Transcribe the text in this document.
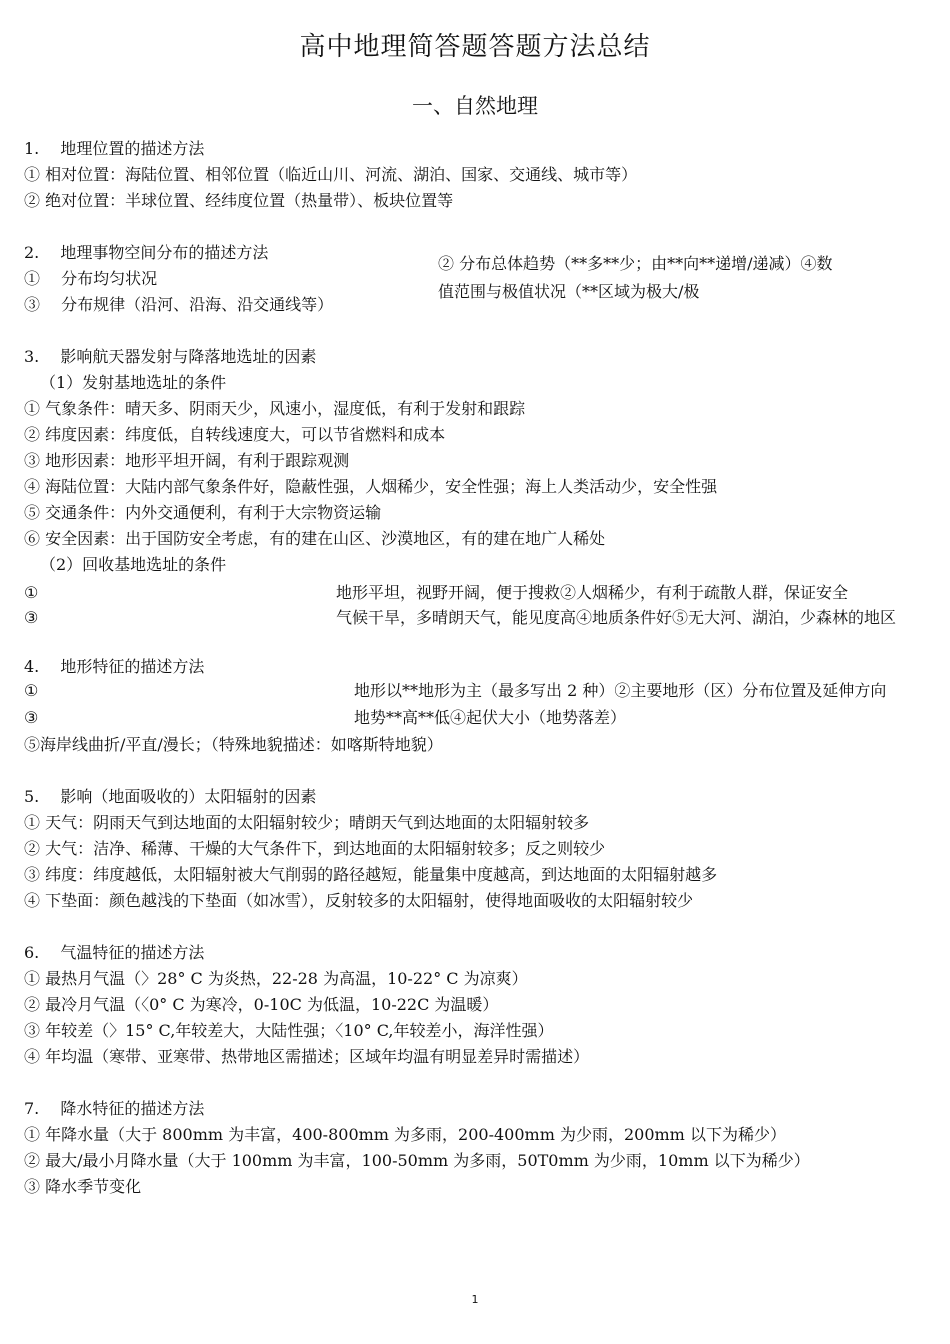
高中地理简答题答题方法总结
一、自然地理
1.　 地理位置的描述方法
① 相对位置：海陆位置、相邻位置（临近山川、河流、湖泊、国家、交通线、城市等）
② 绝对位置：半球位置、经纬度位置（热量带）、板块位置等
2.　 地理事物空间分布的描述方法
①　 分布均匀状况
③　 分布规律（沿河、沿海、沿交通线等）
② 分布总体趋势（**多**少；由**向**递增/递减）④数值范围与极值状况（**区域为极大/极
3.　 影响航天器发射与降落地选址的因素
（1）发射基地选址的条件
① 气象条件：晴天多、阴雨天少，风速小，湿度低，有利于发射和跟踪
② 纬度因素：纬度低，自转线速度大，可以节省燃料和成本
③ 地形因素：地形平坦开阔，有利于跟踪观测
④ 海陆位置：大陆内部气象条件好，隐蔽性强，人烟稀少，安全性强；海上人类活动少，安全性强
⑤ 交通条件：内外交通便利，有利于大宗物资运输
⑥ 安全因素：出于国防安全考虑，有的建在山区、沙漠地区，有的建在地广人稀处
（2）回收基地选址的条件
①	地形平坦，视野开阔，便于搜救②人烟稀少，有利于疏散人群，保证安全
③	气候干旱，多晴朗天气，能见度高④地质条件好⑤无大河、湖泊，少森林的地区
4.　 地形特征的描述方法
①	地形以**地形为主（最多写出 2 种）②主要地形（区）分布位置及延伸方向
③	地势**高**低④起伏大小（地势落差）
⑤海岸线曲折/平直/漫长；（特殊地貌描述：如喀斯特地貌）
5.　 影响（地面吸收的）太阳辐射的因素
① 天气：阴雨天气到达地面的太阳辐射较少；晴朗天气到达地面的太阳辐射较多
② 大气：洁净、稀薄、干燥的大气条件下，到达地面的太阳辐射较多；反之则较少
③ 纬度：纬度越低，太阳辐射被大气削弱的路径越短，能量集中度越高，到达地面的太阳辐射越多
④ 下垫面：颜色越浅的下垫面（如冰雪），反射较多的太阳辐射，使得地面吸收的太阳辐射较少
6.　 气温特征的描述方法
① 最热月气温（〉28° C 为炎热，22-28 为高温，10-22° C 为凉爽）
② 最冷月气温（〈0° C 为寒冷，0-10C 为低温，10-22C 为温暖）
③ 年较差（〉15° C,年较差大，大陆性强；〈10° C,年较差小，海洋性强）
④ 年均温（寒带、亚寒带、热带地区需描述；区域年均温有明显差异时需描述）
7.　 降水特征的描述方法
① 年降水量（大于 800mm 为丰富，400-800mm 为多雨，200-400mm 为少雨，200mm 以下为稀少）
② 最大/最小月降水量（大于 100mm 为丰富，100-50mm 为多雨，50T0mm 为少雨，10mm 以下为稀少）
③ 降水季节变化
1
